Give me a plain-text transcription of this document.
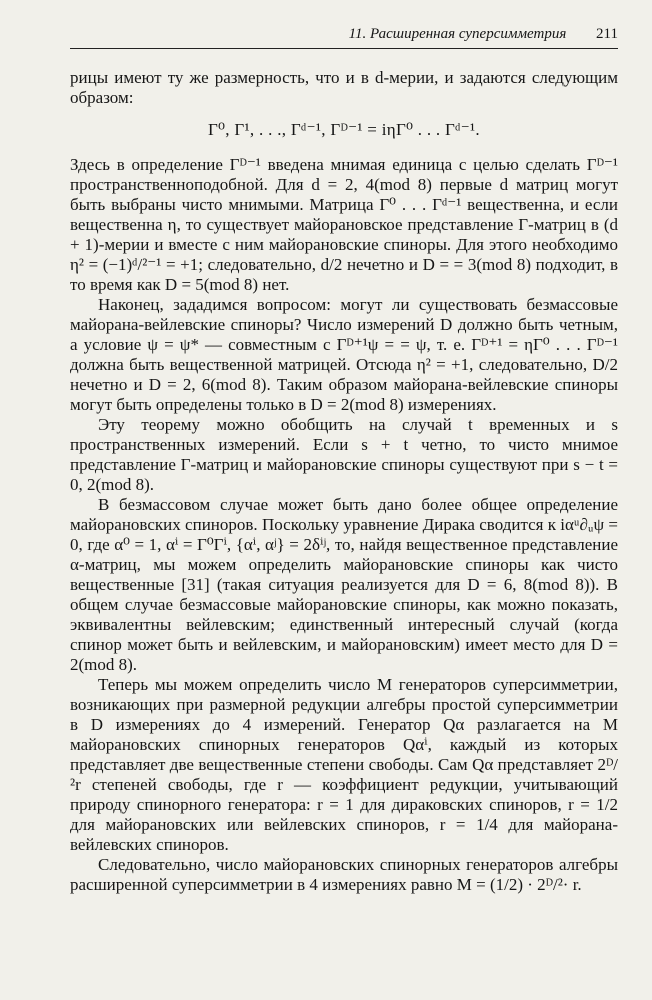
11. Расширенная суперсимметрия 211

рицы имеют ту же размерность, что и в d-мерии, и задаются следующим образом:

Γ⁰, Γ¹, . . ., Γᵈ⁻¹, Γᴰ⁻¹ = iηΓ⁰ . . . Γᵈ⁻¹.

Здесь в определение Γᴰ⁻¹ введена мнимая единица с целью сделать Γᴰ⁻¹ пространственноподобной. Для d = 2, 4(mod 8) первые d матриц могут быть выбраны чисто мнимыми. Матрица Γ⁰ . . . Γᵈ⁻¹ вещественна, и если вещественна η, то существует майорановское представление Γ-матриц в (d + 1)-мерии и вместе с ним майорановские спиноры. Для этого необходимо η² = (−1)ᵈ/²⁻¹ = +1; следовательно, d/2 нечетно и D = = 3(mod 8) подходит, в то время как D = 5(mod 8) нет.

Наконец, зададимся вопросом: могут ли существовать безмассовые майорана-вейлевские спиноры? Число измерений D должно быть четным, а условие ψ = ψ* — совместным с Γᴰ⁺¹ψ = = ψ, т. е. Γᴰ⁺¹ = ηΓ⁰ . . . Γᴰ⁻¹ должна быть вещественной матрицей. Отсюда η² = +1, следовательно, D/2 нечетно и D = 2, 6(mod 8). Таким образом майорана-вейлевские спиноры могут быть определены только в D = 2(mod 8) измерениях.

Эту теорему можно обобщить на случай t временных и s пространственных измерений. Если s + t четно, то чисто мнимое представление Γ-матриц и майорановские спиноры существуют при s − t = 0, 2(mod 8).

В безмассовом случае может быть дано более общее определение майорановских спиноров. Поскольку уравнение Дирака сводится к iαᵘ∂ᵤψ = 0, где α⁰ = 1, αⁱ = Γ⁰Γⁱ, {αⁱ, αʲ} = 2δⁱʲ, то, найдя вещественное представление α-матриц, мы можем определить майорановские спиноры как чисто вещественные [31] (такая ситуация реализуется для D = 6, 8(mod 8)). В общем случае безмассовые майорановские спиноры, как можно показать, эквивалентны вейлевским; единственный интересный случай (когда спинор может быть и вейлевским, и майорановским) имеет место для D = 2(mod 8).

Теперь мы можем определить число M генераторов суперсимметрии, возникающих при размерной редукции алгебры простой суперсимметрии в D измерениях до 4 измерений. Генератор Qα разлагается на M майорановских спинорных генераторов Qαⁱ, каждый из которых представляет две вещественные степени свободы. Сам Qα представляет 2ᴰ/²r степеней свободы, где r — коэффициент редукции, учитывающий природу спинорного генератора: r = 1 для дираковских спиноров, r = 1/2 для майорановских или вейлевских спиноров, r = 1/4 для майорана-вейлевских спиноров.

Следовательно, число майорановских спинорных генераторов алгебры расширенной суперсимметрии в 4 измерениях равно M = (1/2) · 2ᴰ/²· r.
